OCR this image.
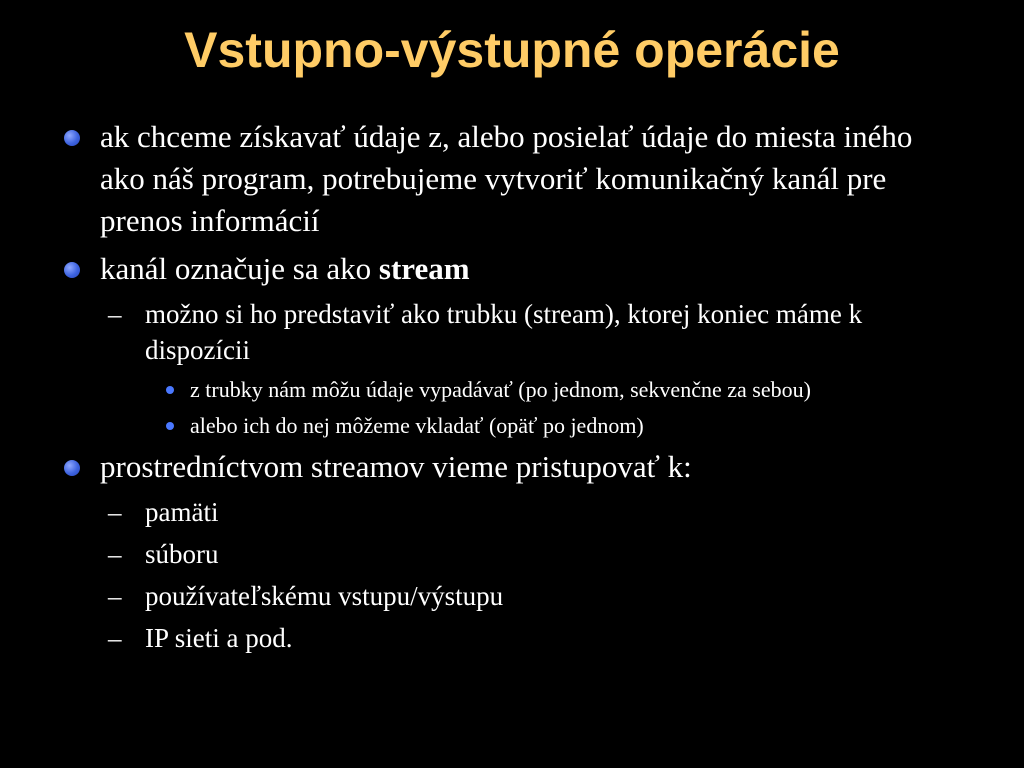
Vstupno-výstupné operácie
ak chceme získavať údaje z, alebo posielať údaje do miesta iného ako náš program, potrebujeme vytvoriť komunikačný kanál pre prenos informácií
kanál označuje sa ako stream
– možno si ho predstaviť ako trubku (stream), ktorej koniec máme k dispozícii
z trubky nám môžu údaje vypadávať (po jednom, sekvenčne za sebou)
alebo ich do nej môžeme vkladať (opäť po jednom)
prostredníctvom streamov vieme pristupovať k:
– pamäti
– súboru
– používateľskému vstupu/výstupu
– IP sieti a pod.
